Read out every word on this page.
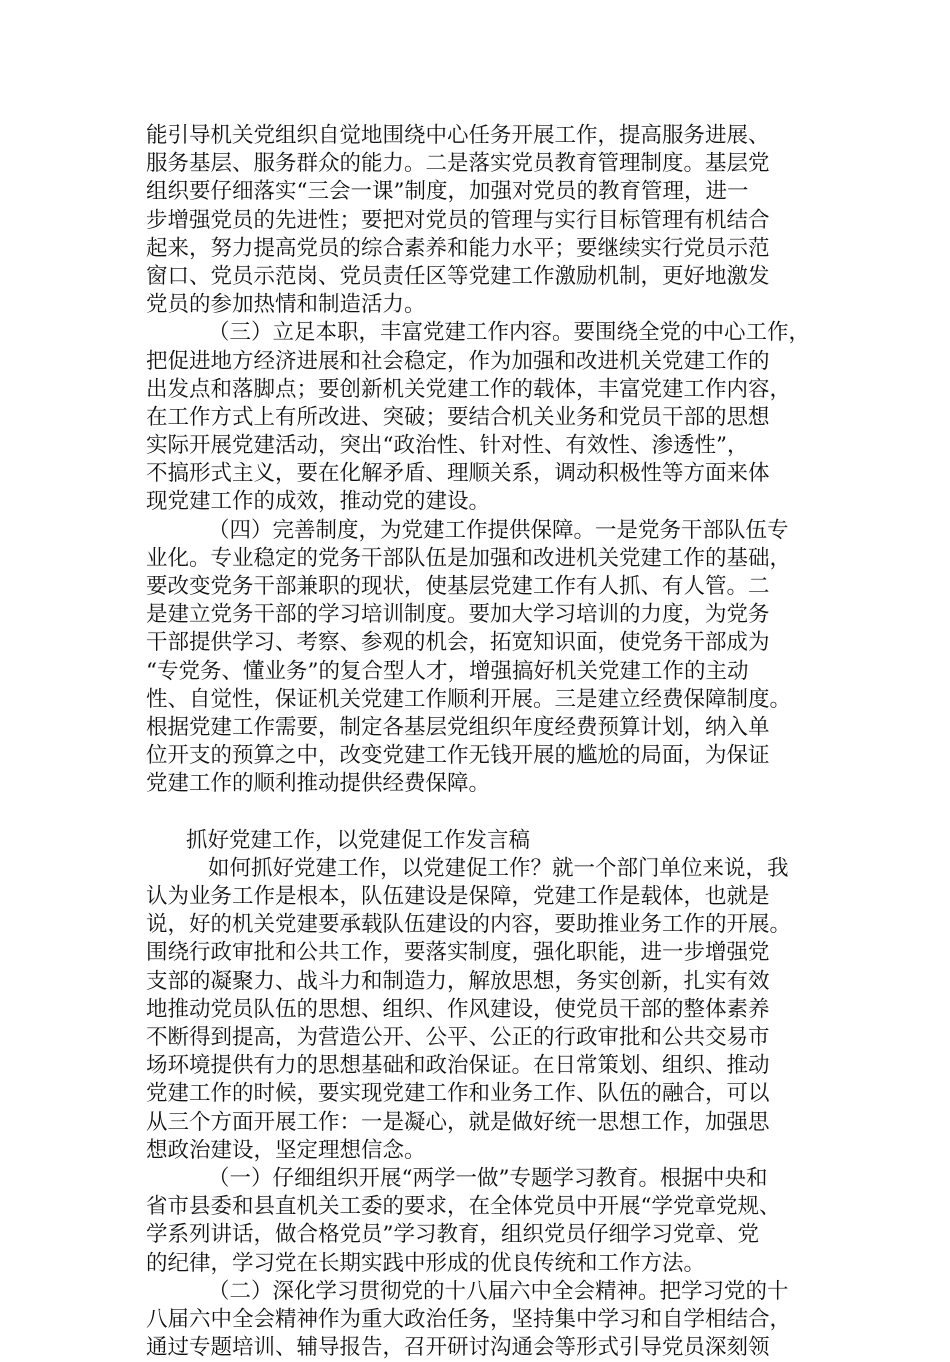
能引导机关党组织自觉地围绕中心任务开展工作，提高服务进展、
服务基层、服务群众的能力。二是落实党员教育管理制度。基层党
组织要仔细落实“三会一课”制度，加强对党员的教育管理，进一
步增强党员的先进性；要把对党员的管理与实行目标管理有机结合
起来，努力提高党员的综合素养和能力水平；要继续实行党员示范
窗口、党员示范岗、党员责任区等党建工作激励机制，更好地激发
党员的参加热情和制造活力。
（三）立足本职，丰富党建工作内容。要围绕全党的中心工作，
把促进地方经济进展和社会稳定，作为加强和改进机关党建工作的
出发点和落脚点；要创新机关党建工作的载体，丰富党建工作内容，
在工作方式上有所改进、突破；要结合机关业务和党员干部的思想
实际开展党建活动，突出“政治性、针对性、有效性、渗透性”，
不搞形式主义，要在化解矛盾、理顺关系，调动积极性等方面来体
现党建工作的成效，推动党的建设。
（四）完善制度，为党建工作提供保障。一是党务干部队伍专
业化。专业稳定的党务干部队伍是加强和改进机关党建工作的基础，
要改变党务干部兼职的现状，使基层党建工作有人抓、有人管。二
是建立党务干部的学习培训制度。要加大学习培训的力度，为党务
干部提供学习、考察、参观的机会，拓宽知识面，使党务干部成为
“专党务、懂业务”的复合型人才，增强搞好机关党建工作的主动
性、自觉性，保证机关党建工作顺利开展。三是建立经费保障制度。
根据党建工作需要，制定各基层党组织年度经费预算计划，纳入单
位开支的预算之中，改变党建工作无钱开展的尴尬的局面，为保证
党建工作的顺利推动提供经费保障。
抓好党建工作，以党建促工作发言稿
如何抓好党建工作，以党建促工作？就一个部门单位来说，我
认为业务工作是根本，队伍建设是保障，党建工作是载体，也就是
说，好的机关党建要承载队伍建设的内容，要助推业务工作的开展。
围绕行政审批和公共工作，要落实制度，强化职能，进一步增强党
支部的凝聚力、战斗力和制造力，解放思想，务实创新，扎实有效
地推动党员队伍的思想、组织、作风建设，使党员干部的整体素养
不断得到提高，为营造公开、公平、公正的行政审批和公共交易市
场环境提供有力的思想基础和政治保证。在日常策划、组织、推动
党建工作的时候，要实现党建工作和业务工作、队伍的融合，可以
从三个方面开展工作：一是凝心，就是做好统一思想工作，加强思
想政治建设，坚定理想信念。
（一）仔细组织开展“两学一做”专题学习教育。根据中央和
省市县委和县直机关工委的要求，在全体党员中开展“学党章党规、
学系列讲话，做合格党员”学习教育，组织党员仔细学习党章、党
的纪律，学习党在长期实践中形成的优良传统和工作方法。
（二）深化学习贯彻党的十八届六中全会精神。把学习党的十
八届六中全会精神作为重大政治任务，坚持集中学习和自学相结合，
通过专题培训、辅导报告，召开研讨沟通会等形式引导党员深刻领
